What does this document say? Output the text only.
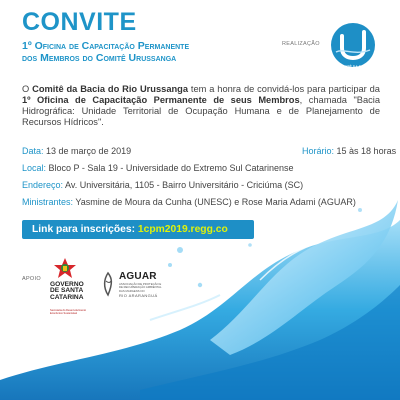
CONVITE
1º Oficina de Capacitação Permanente
dos Membros do Comitê Urussanga
REALIZAÇÃO
COMITÊ DA BACIA
DO RIO URUSSANGA
O Comitê da Bacia do Rio Urussanga tem a honra de convidá-los para participar da 1º Oficina de Capacitação Permanente de seus Membros, chamada "Bacia Hidrográfica: Unidade Territorial de Ocupação Humana e de Planejamento de Recursos Hídricos".
Data: 13 de março de 2019	Horário: 15 às 18 horas
Local: Bloco P - Sala 19 - Universidade do Extremo Sul Catarinense
Endereço: Av. Universitária, 1105 - Bairro Universitário - Criciúma (SC)
Ministrantes: Yasmine de Moura da Cunha (UNESC) e Rose Maria Adami (AGUAR)
Link para inscrições: 1cpm2019.regg.co
APOIO
GOVERNO
DE SANTA
CATARINA
Secretaria do Desenvolvimento Econômico Sustentável
AGUAR
ASSOCIAÇÃO DE PROTEÇÃO E DE RECUPERAÇÃO AMBIENTAL DAS MARGENS DO
RIO ARARANGUÁ
